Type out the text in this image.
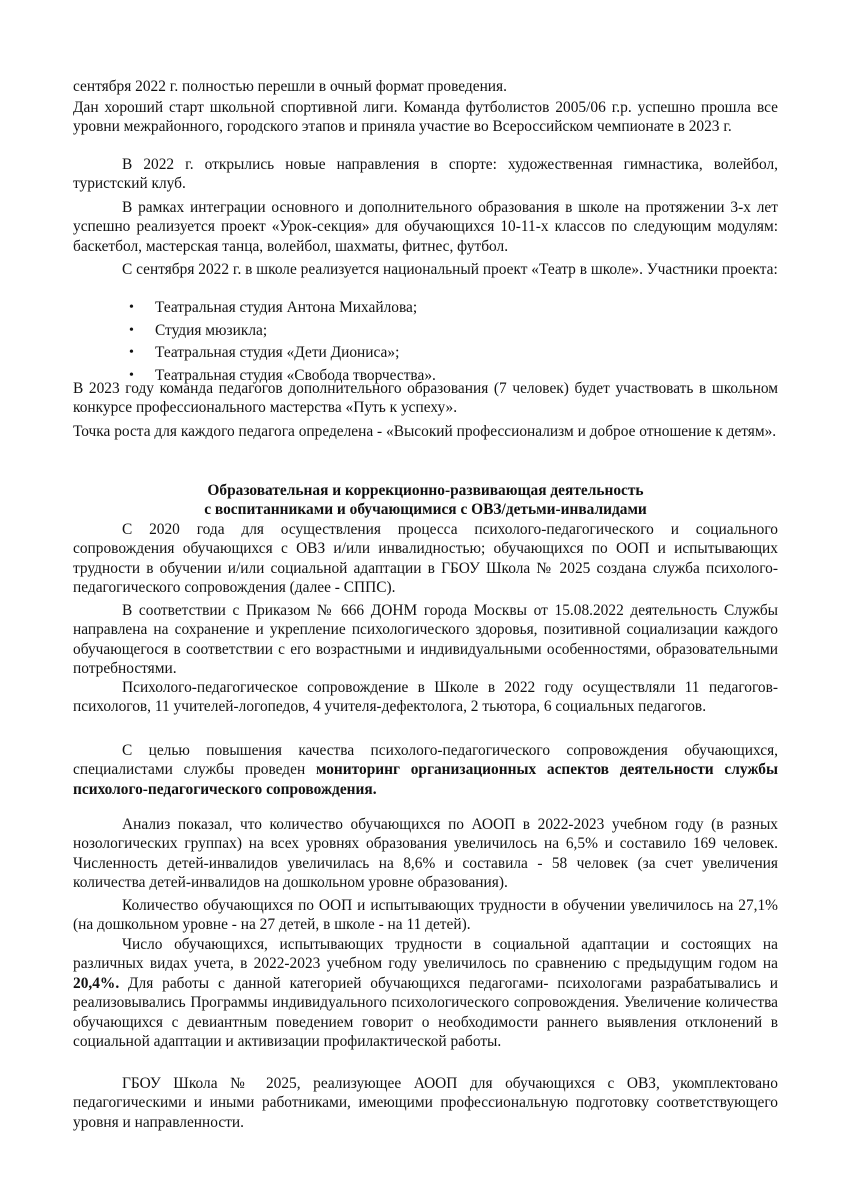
сентября 2022 г. полностью перешли в очный формат проведения.

Дан хороший старт школьной спортивной лиги. Команда футболистов 2005/06 г.р. успешно прошла все уровни межрайонного, городского этапов и приняла участие во Всероссийском чемпионате в 2023 г.

В 2022 г. открылись новые направления в спорте: художественная гимнастика, волейбол, туристский клуб.

В рамках интеграции основного и дополнительного образования в школе на протяжении 3-х лет успешно реализуется проект «Урок-секция» для обучающихся 10-11-х классов по следующим модулям: баскетбол, мастерская танца, волейбол, шахматы, фитнес, футбол.

С сентября 2022 г. в школе реализуется национальный проект «Театр в школе». Участники проекта:

• Театральная студия Антона Михайлова;
• Студия мюзикла;
• Театральная студия «Дети Диониса»;
• Театральная студия «Свобода творчества».

В 2023 году команда педагогов дополнительного образования (7 человек) будет участвовать в школьном конкурсе профессионального мастерства «Путь к успеху».

Точка роста для каждого педагога определена - «Высокий профессионализм и доброе отношение к детям».

Образовательная и коррекционно-развивающая деятельность

с воспитанниками и обучающимися с ОВЗ/детьми-инвалидами

С 2020 года для осуществления процесса психолого-педагогического и социального сопровождения обучающихся с ОВЗ и/или инвалидностью; обучающихся по ООП и испытывающих трудности в обучении и/или социальной адаптации в ГБОУ Школа № 2025 создана служба психолого-педагогического сопровождения (далее - СППС).

В соответствии с Приказом № 666 ДОНМ города Москвы от 15.08.2022 деятельность Службы направлена на сохранение и укрепление психологического здоровья, позитивной социализации каждого обучающегося в соответствии с его возрастными и индивидуальными особенностями, образовательными потребностями.

Психолого-педагогическое сопровождение в Школе в 2022 году осуществляли 11 педагогов-психологов, 11 учителей-логопедов, 4 учителя-дефектолога, 2 тьютора, 6 социальных педагогов.

С целью повышения качества психолого-педагогического сопровождения обучающихся, специалистами службы проведен мониторинг организационных аспектов деятельности службы психолого-педагогического сопровождения.

Анализ показал, что количество обучающихся по АООП в 2022-2023 учебном году (в разных нозологических группах) на всех уровнях образования увеличилось на 6,5% и составило 169 человек. Численность детей-инвалидов увеличилась на 8,6% и составила - 58 человек (за счет увеличения количества детей-инвалидов на дошкольном уровне образования).

Количество обучающихся по ООП и испытывающих трудности в обучении увеличилось на 27,1% (на дошкольном уровне - на 27 детей, в школе - на 11 детей).

Число обучающихся, испытывающих трудности в социальной адаптации и состоящих на различных видах учета, в 2022-2023 учебном году увеличилось по сравнению с предыдущим годом на 20,4%. Для работы с данной категорией обучающихся педагогами- психологами разрабатывались и реализовывались Программы индивидуального психологического сопровождения. Увеличение количества обучающихся с девиантным поведением говорит о необходимости раннего выявления отклонений в социальной адаптации и активизации профилактической работы.

ГБОУ Школа № 2025, реализующее АООП для обучающихся с ОВЗ, укомплектовано педагогическими и иными работниками, имеющими профессиональную подготовку соответствующего уровня и направленности.
